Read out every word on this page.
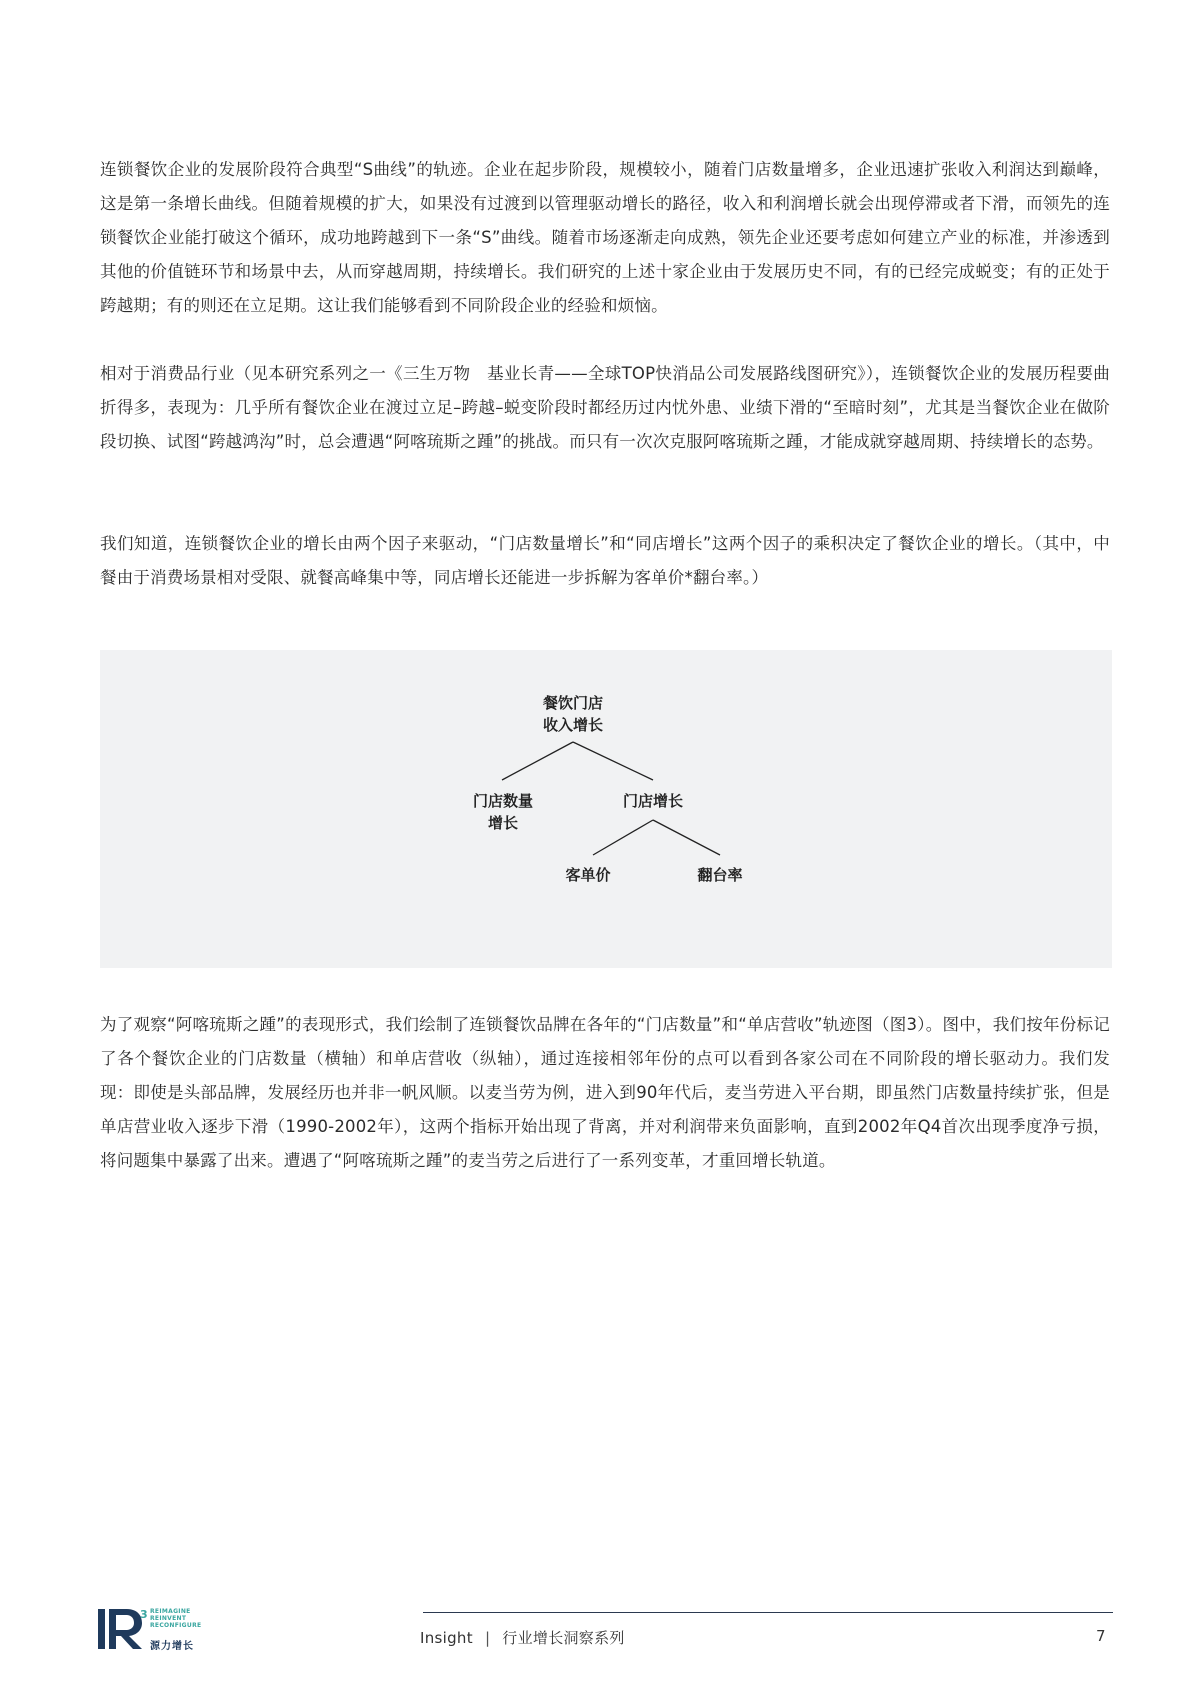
连锁餐饮企业的发展阶段符合典型“S曲线”的轨迹。企业在起步阶段，规模较小，随着门店数量增多，企业迅速扩张收入利润达到巅峰，这是第一条增长曲线。但随着规模的扩大，如果没有过渡到以管理驱动增长的路径，收入和利润增长就会出现停滞或者下滑，而领先的连锁餐饮企业能打破这个循环，成功地跨越到下一条“S”曲线。随着市场逐渐走向成熟，领先企业还要考虑如何建立产业的标准，并渗透到其他的价值链环节和场景中去，从而穿越周期，持续增长。我们研究的上述十家企业由于发展历史不同，有的已经完成蜕变；有的正处于跨越期；有的则还在立足期。这让我们能够看到不同阶段企业的经验和烦恼。

相对于消费品行业（见本研究系列之一《三生万物　基业长青——全球TOP快消品公司发展路线图研究》），连锁餐饮企业的发展历程要曲折得多，表现为：几乎所有餐饮企业在渡过立足–跨越–蜕变阶段时都经历过内忧外患、业绩下滑的“至暗时刻”，尤其是当餐饮企业在做阶段切换、试图“跨越鸿沟”时，总会遭遇“阿喀琉斯之踵”的挑战。而只有一次次克服阿喀琉斯之踵，才能成就穿越周期、持续增长的态势。

我们知道，连锁餐饮企业的增长由两个因子来驱动，“门店数量增长”和“同店增长”这两个因子的乘积决定了餐饮企业的增长。（其中，中餐由于消费场景相对受限、就餐高峰集中等，同店增长还能进一步拆解为客单价*翻台率。）

餐饮门店
收入增长

门店数量
增长

门店增长

客单价	翻台率

为了观察“阿喀琉斯之踵”的表现形式，我们绘制了连锁餐饮品牌在各年的“门店数量”和“单店营收”轨迹图（图3）。图中，我们按年份标记了各个餐饮企业的门店数量（横轴）和单店营收（纵轴），通过连接相邻年份的点可以看到各家公司在不同阶段的增长驱动力。我们发现：即使是头部品牌，发展经历也并非一帆风顺。以麦当劳为例，进入到90年代后，麦当劳进入平台期，即虽然门店数量持续扩张，但是单店营业收入逐步下滑（1990-2002年），这两个指标开始出现了背离，并对利润带来负面影响，直到2002年Q4首次出现季度净亏损，将问题集中暴露了出来。遭遇了“阿喀琉斯之踵”的麦当劳之后进行了一系列变革，才重回增长轨道。

3 REIMAGINE
REINVENT
RECONFIGURE
源力增长	Insight | 行业增长洞察系列	7
